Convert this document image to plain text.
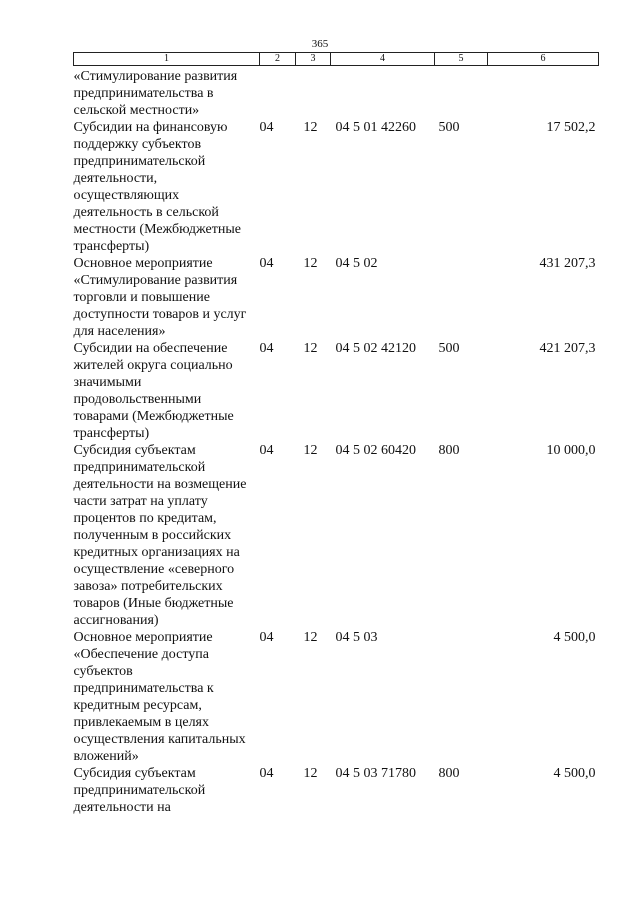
365
1	2	3	4	5	6
«Стимулирование развития предпринимательства в сельской местности»					
Субсидии на финансовую поддержку субъектов предпринимательской деятельности, осуществляющих деятельность в сельской местности (Межбюджетные трансферты)	04	12	04 5 01 42260	500	17 502,2
Основное мероприятие «Стимулирование развития торговли и повышение доступности товаров и услуг для населения»	04	12	04 5 02		431 207,3
Субсидии на обеспечение жителей округа социально значимыми продовольственными товарами (Межбюджетные трансферты)	04	12	04 5 02 42120	500	421 207,3
Субсидия субъектам предпринимательской деятельности на возмещение части затрат на уплату процентов по кредитам, полученным в российских кредитных организациях на осуществление «северного завоза» потребительских товаров (Иные бюджетные ассигнования)	04	12	04 5 02 60420	800	10 000,0
Основное мероприятие «Обеспечение доступа субъектов предпринимательства к кредитным ресурсам, привлекаемым в целях осуществления капитальных вложений»	04	12	04 5 03		4 500,0
Субсидия субъектам предпринимательской деятельности на	04	12	04 5 03 71780	800	4 500,0
